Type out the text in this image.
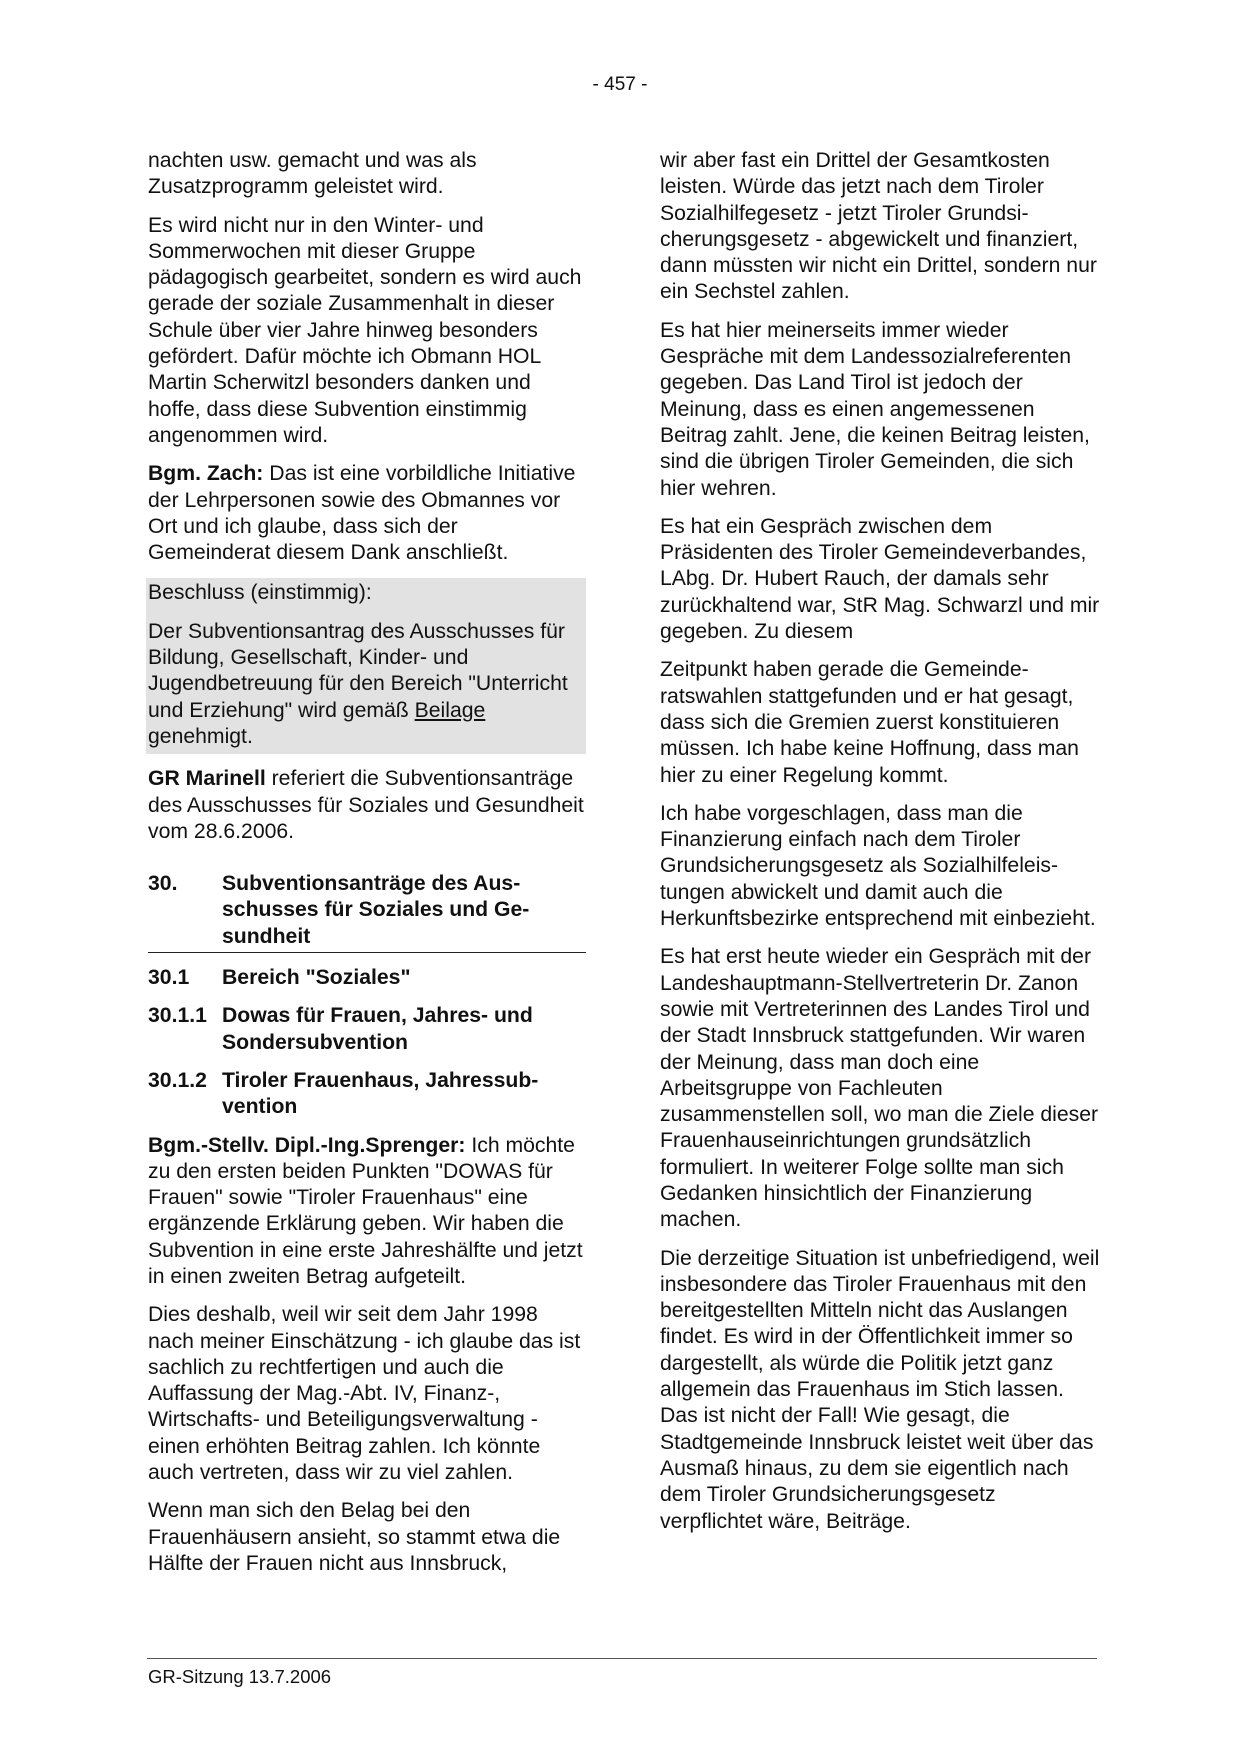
- 457 -

nachten usw. gemacht und was als Zusatzprogramm geleistet wird.

Es wird nicht nur in den Winter- und Sommerwochen mit dieser Gruppe pädagogisch gearbeitet, sondern es wird auch gerade der soziale Zusammenhalt in dieser Schule über vier Jahre hinweg besonders gefördert. Dafür möchte ich Obmann HOL Martin Scherwitzl besonders danken und hoffe, dass diese Subvention einstimmig angenommen wird.

Bgm. Zach: Das ist eine vorbildliche Initiative der Lehrpersonen sowie des Obmannes vor Ort und ich glaube, dass sich der Gemeinderat diesem Dank anschließt.

Beschluss (einstimmig):

Der Subventionsantrag des Ausschusses für Bildung, Gesellschaft, Kinder- und Jugendbetreuung für den Bereich "Unterricht und Erziehung" wird gemäß Beilage genehmigt.

GR Marinell referiert die Subventionsanträge des Ausschusses für Soziales und Gesundheit vom 28.6.2006.

30.	Subventionsanträge des Ausschusses für Soziales und Gesundheit
30.1	Bereich "Soziales"
30.1.1 Dowas für Frauen, Jahres- und Sondersubvention
30.1.2 Tiroler Frauenhaus, Jahressubvention

Bgm.-Stellv. Dipl.-Ing.Sprenger: Ich möchte zu den ersten beiden Punkten "DOWAS für Frauen" sowie "Tiroler Frauenhaus" eine ergänzende Erklärung geben. Wir haben die Subvention in eine erste Jahreshälfte und jetzt in einen zweiten Betrag aufgeteilt.

Dies deshalb, weil wir seit dem Jahr 1998 nach meiner Einschätzung - ich glaube das ist sachlich zu rechtfertigen und auch die Auffassung der Mag.-Abt. IV, Finanz-, Wirtschafts- und Beteiligungsverwaltung - einen erhöhten Beitrag zahlen. Ich könnte auch vertreten, dass wir zu viel zahlen.

Wenn man sich den Belag bei den Frauenhäusern ansieht, so stammt etwa die Hälfte der Frauen nicht aus Innsbruck,

wir aber fast ein Drittel der Gesamtkosten leisten. Würde das jetzt nach dem Tiroler Sozialhilfegesetz - jetzt Tiroler Grundsicherungsgesetz - abgewickelt und finanziert, dann müssten wir nicht ein Drittel, sondern nur ein Sechstel zahlen.

Es hat hier meinerseits immer wieder Gespräche mit dem Landessozialreferenten gegeben. Das Land Tirol ist jedoch der Meinung, dass es einen angemessenen Beitrag zahlt. Jene, die keinen Beitrag leisten, sind die übrigen Tiroler Gemeinden, die sich hier wehren.

Es hat ein Gespräch zwischen dem Präsidenten des Tiroler Gemeindeverbandes, LAbg. Dr. Hubert Rauch, der damals sehr zurückhaltend war, StR Mag. Schwarzl und mir gegeben. Zu diesem

Zeitpunkt haben gerade die Gemeinderatswahlen stattgefunden und er hat gesagt, dass sich die Gremien zuerst konstituieren müssen. Ich habe keine Hoffnung, dass man hier zu einer Regelung kommt.

Ich habe vorgeschlagen, dass man die Finanzierung einfach nach dem Tiroler Grundsicherungsgesetz als Sozialhilfeleistungen abwickelt und damit auch die Herkunftsbezirke entsprechend mit einbezieht.

Es hat erst heute wieder ein Gespräch mit der Landeshauptmann-Stellvertreterin Dr. Zanon sowie mit Vertreterinnen des Landes Tirol und der Stadt Innsbruck stattgefunden. Wir waren der Meinung, dass man doch eine Arbeitsgruppe von Fachleuten zusammenstellen soll, wo man die Ziele dieser Frauenhauseinrichtungen grundsätzlich formuliert. In weiterer Folge sollte man sich Gedanken hinsichtlich der Finanzierung machen.

Die derzeitige Situation ist unbefriedigend, weil insbesondere das Tiroler Frauenhaus mit den bereitgestellten Mitteln nicht das Auslangen findet. Es wird in der Öffentlichkeit immer so dargestellt, als würde die Politik jetzt ganz allgemein das Frauenhaus im Stich lassen. Das ist nicht der Fall! Wie gesagt, die Stadtgemeinde Innsbruck leistet weit über das Ausmaß hinaus, zu dem sie eigentlich nach dem Tiroler Grundsicherungsgesetz verpflichtet wäre, Beiträge.

GR-Sitzung 13.7.2006
